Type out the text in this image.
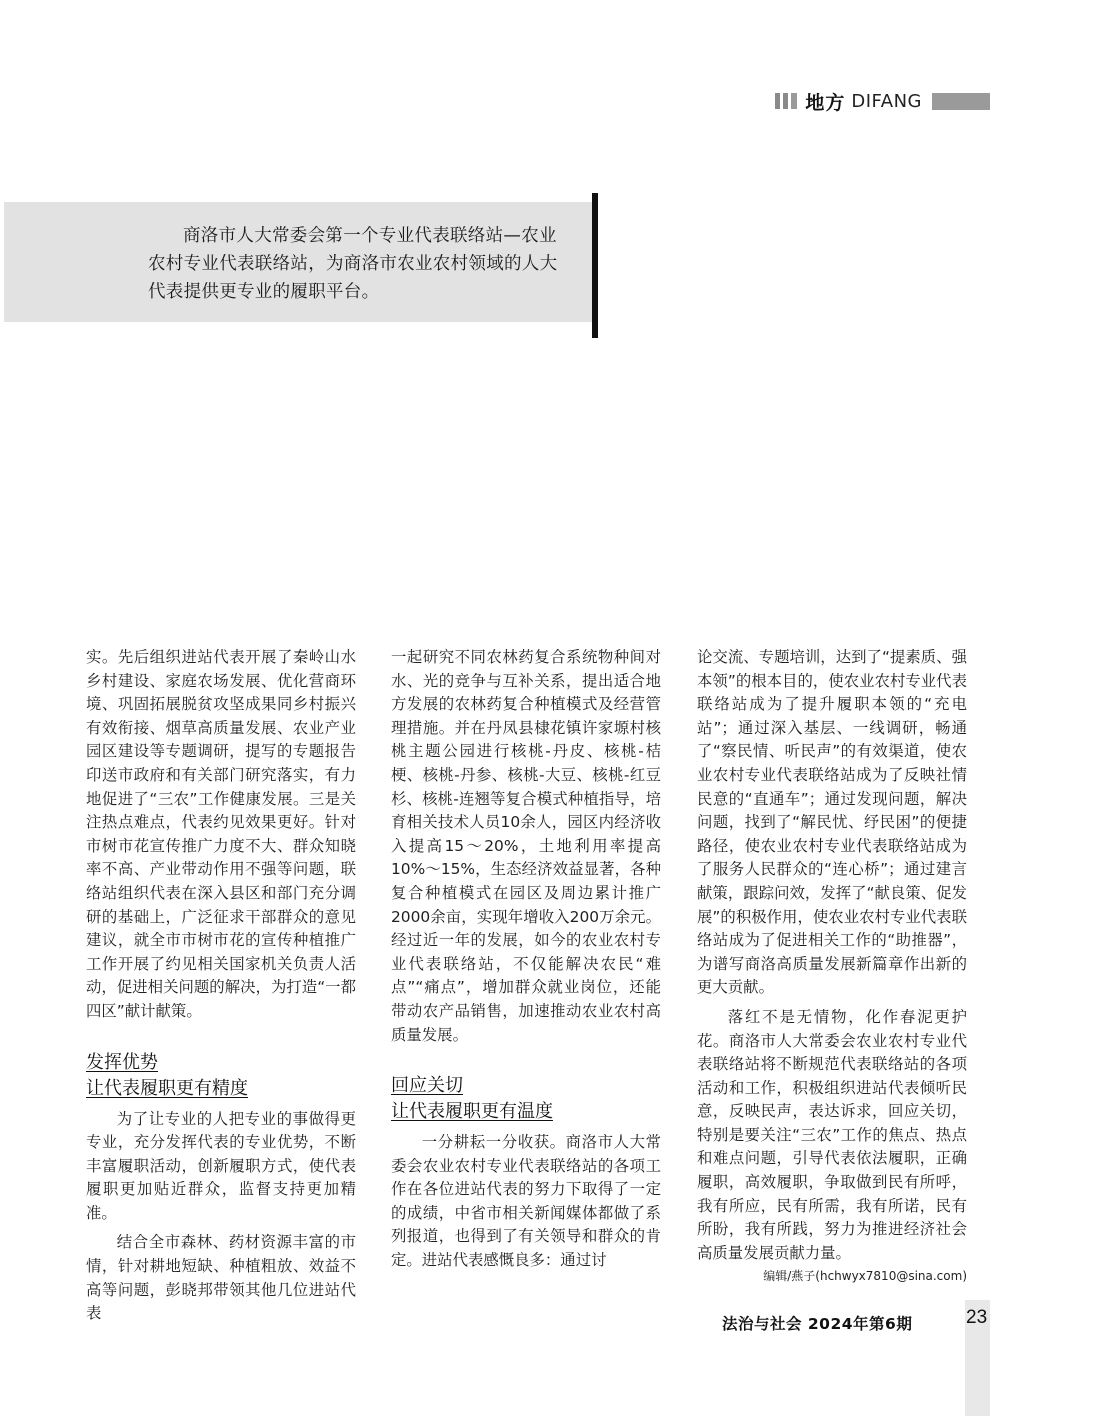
地方 DIFANG

商洛市人大常委会第一个专业代表联络站—农业农村专业代表联络站，为商洛市农业农村领域的人大代表提供更专业的履职平台。

实。先后组织进站代表开展了秦岭山水乡村建设、家庭农场发展、优化营商环境、巩固拓展脱贫攻坚成果同乡村振兴有效衔接、烟草高质量发展、农业产业园区建设等专题调研，提写的专题报告印送市政府和有关部门研究落实，有力地促进了“三农”工作健康发展。三是关注热点难点，代表约见效果更好。针对市树市花宣传推广力度不大、群众知晓率不高、产业带动作用不强等问题，联络站组织代表在深入县区和部门充分调研的基础上，广泛征求干部群众的意见建议，就全市市树市花的宣传种植推广工作开展了约见相关国家机关负责人活动，促进相关问题的解决，为打造“一都四区”献计献策。

发挥优势
让代表履职更有精度

为了让专业的人把专业的事做得更专业，充分发挥代表的专业优势，不断丰富履职活动，创新履职方式，使代表履职更加贴近群众，监督支持更加精准。

结合全市森林、药材资源丰富的市情，针对耕地短缺、种植粗放、效益不高等问题，彭晓邦带领其他几位进站代表

一起研究不同农林药复合系统物种间对水、光的竞争与互补关系，提出适合地方发展的农林药复合种植模式及经营管理措施。并在丹凤县棣花镇许家塬村核桃主题公园进行核桃-丹皮、核桃-桔梗、核桃-丹参、核桃-大豆、核桃-红豆杉、核桃-连翘等复合模式种植指导，培育相关技术人员10余人，园区内经济收入提高15～20%，土地利用率提高10%～15%，生态经济效益显著，各种复合种植模式在园区及周边累计推广2000余亩，实现年增收入200万余元。经过近一年的发展，如今的农业农村专业代表联络站，不仅能解决农民“难点”“痛点”，增加群众就业岗位，还能带动农产品销售，加速推动农业农村高质量发展。

回应关切
让代表履职更有温度

一分耕耘一分收获。商洛市人大常委会农业农村专业代表联络站的各项工作在各位进站代表的努力下取得了一定的成绩，中省市相关新闻媒体都做了系列报道，也得到了有关领导和群众的肯定。进站代表感慨良多：通过讨

论交流、专题培训，达到了“提素质、强本领”的根本目的，使农业农村专业代表联络站成为了提升履职本领的“充电站”；通过深入基层、一线调研，畅通了“察民情、听民声”的有效渠道，使农业农村专业代表联络站成为了反映社情民意的“直通车”；通过发现问题，解决问题，找到了“解民忧、纾民困”的便捷路径，使农业农村专业代表联络站成为了服务人民群众的“连心桥”；通过建言献策，跟踪问效，发挥了“献良策、促发展”的积极作用，使农业农村专业代表联络站成为了促进相关工作的“助推器”，为谱写商洛高质量发展新篇章作出新的更大贡献。

落红不是无情物，化作春泥更护花。商洛市人大常委会农业农村专业代表联络站将不断规范代表联络站的各项活动和工作，积极组织进站代表倾听民意，反映民声，表达诉求，回应关切，特别是要关注“三农”工作的焦点、热点和难点问题，引导代表依法履职，正确履职，高效履职，争取做到民有所呼，我有所应，民有所需，我有所诺，民有所盼，我有所践，努力为推进经济社会高质量发展贡献力量。

编辑/燕子(hchwyx7810@sina.com)
法治与社会 2024年第6期	23
